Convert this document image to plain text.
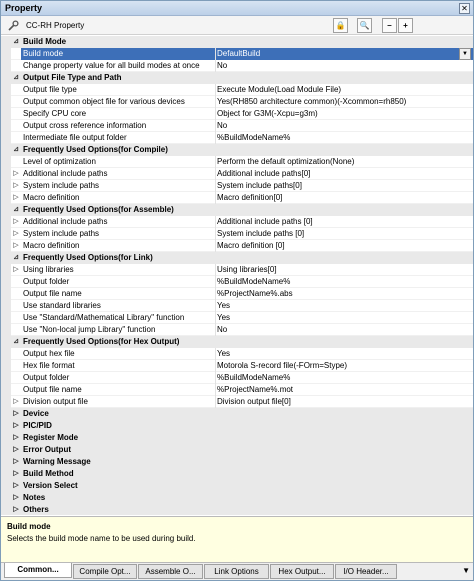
Property	✕
CC-RH Property	🔒	🔍	–	+
⊿ Build Mode
Build mode	DefaultBuild	▼
Change property value for all build modes at once No
⊿ Output File Type and Path
Output file type	Execute Module(Load Module File)
Output common object file for various devices	Yes(RH850 architecture common)(-Xcommon=rh850)
Specify CPU core	Object for G3M(-Xcpu=g3m)
Output cross reference information	No
Intermediate file output folder	%BuildModeName%
⊿ Frequently Used Options(for Compile)
Level of optimization	Perform the default optimization(None)
▷ Additional include paths	Additional include paths[0]
▷ System include paths	System include paths[0]
▷ Macro definition	Macro definition[0]
⊿ Frequently Used Options(for Assemble)
▷ Additional include paths	Additional include paths [0]
▷ System include paths	System include paths [0]
▷ Macro definition	Macro definition [0]
⊿ Frequently Used Options(for Link)
▷ Using libraries	Using libraries[0]
Output folder	%BuildModeName%
Output file name	%ProjectName%.abs
Use standard libraries	Yes
Use "Standard/Mathematical Library" function	Yes
Use "Non-local jump Library" function	No
⊿ Frequently Used Options(for Hex Output)
Output hex file	Yes
Hex file format	Motorola S-record file(-FOrm=Stype)
Output folder	%BuildModeName%
Output file name	%ProjectName%.mot
▷ Division output file	Division output file[0]
▷ Device
▷ PIC/PID
▷ Register Mode
▷ Error Output
▷ Warning Message
▷ Build Method
▷ Version Select
▷ Notes
▷ Others
Build mode
Selects the build mode name to be used during build.
▼
Common...	Compile Opt...	Assemble O...	Link Options	Hex Output...	I/O Header...
